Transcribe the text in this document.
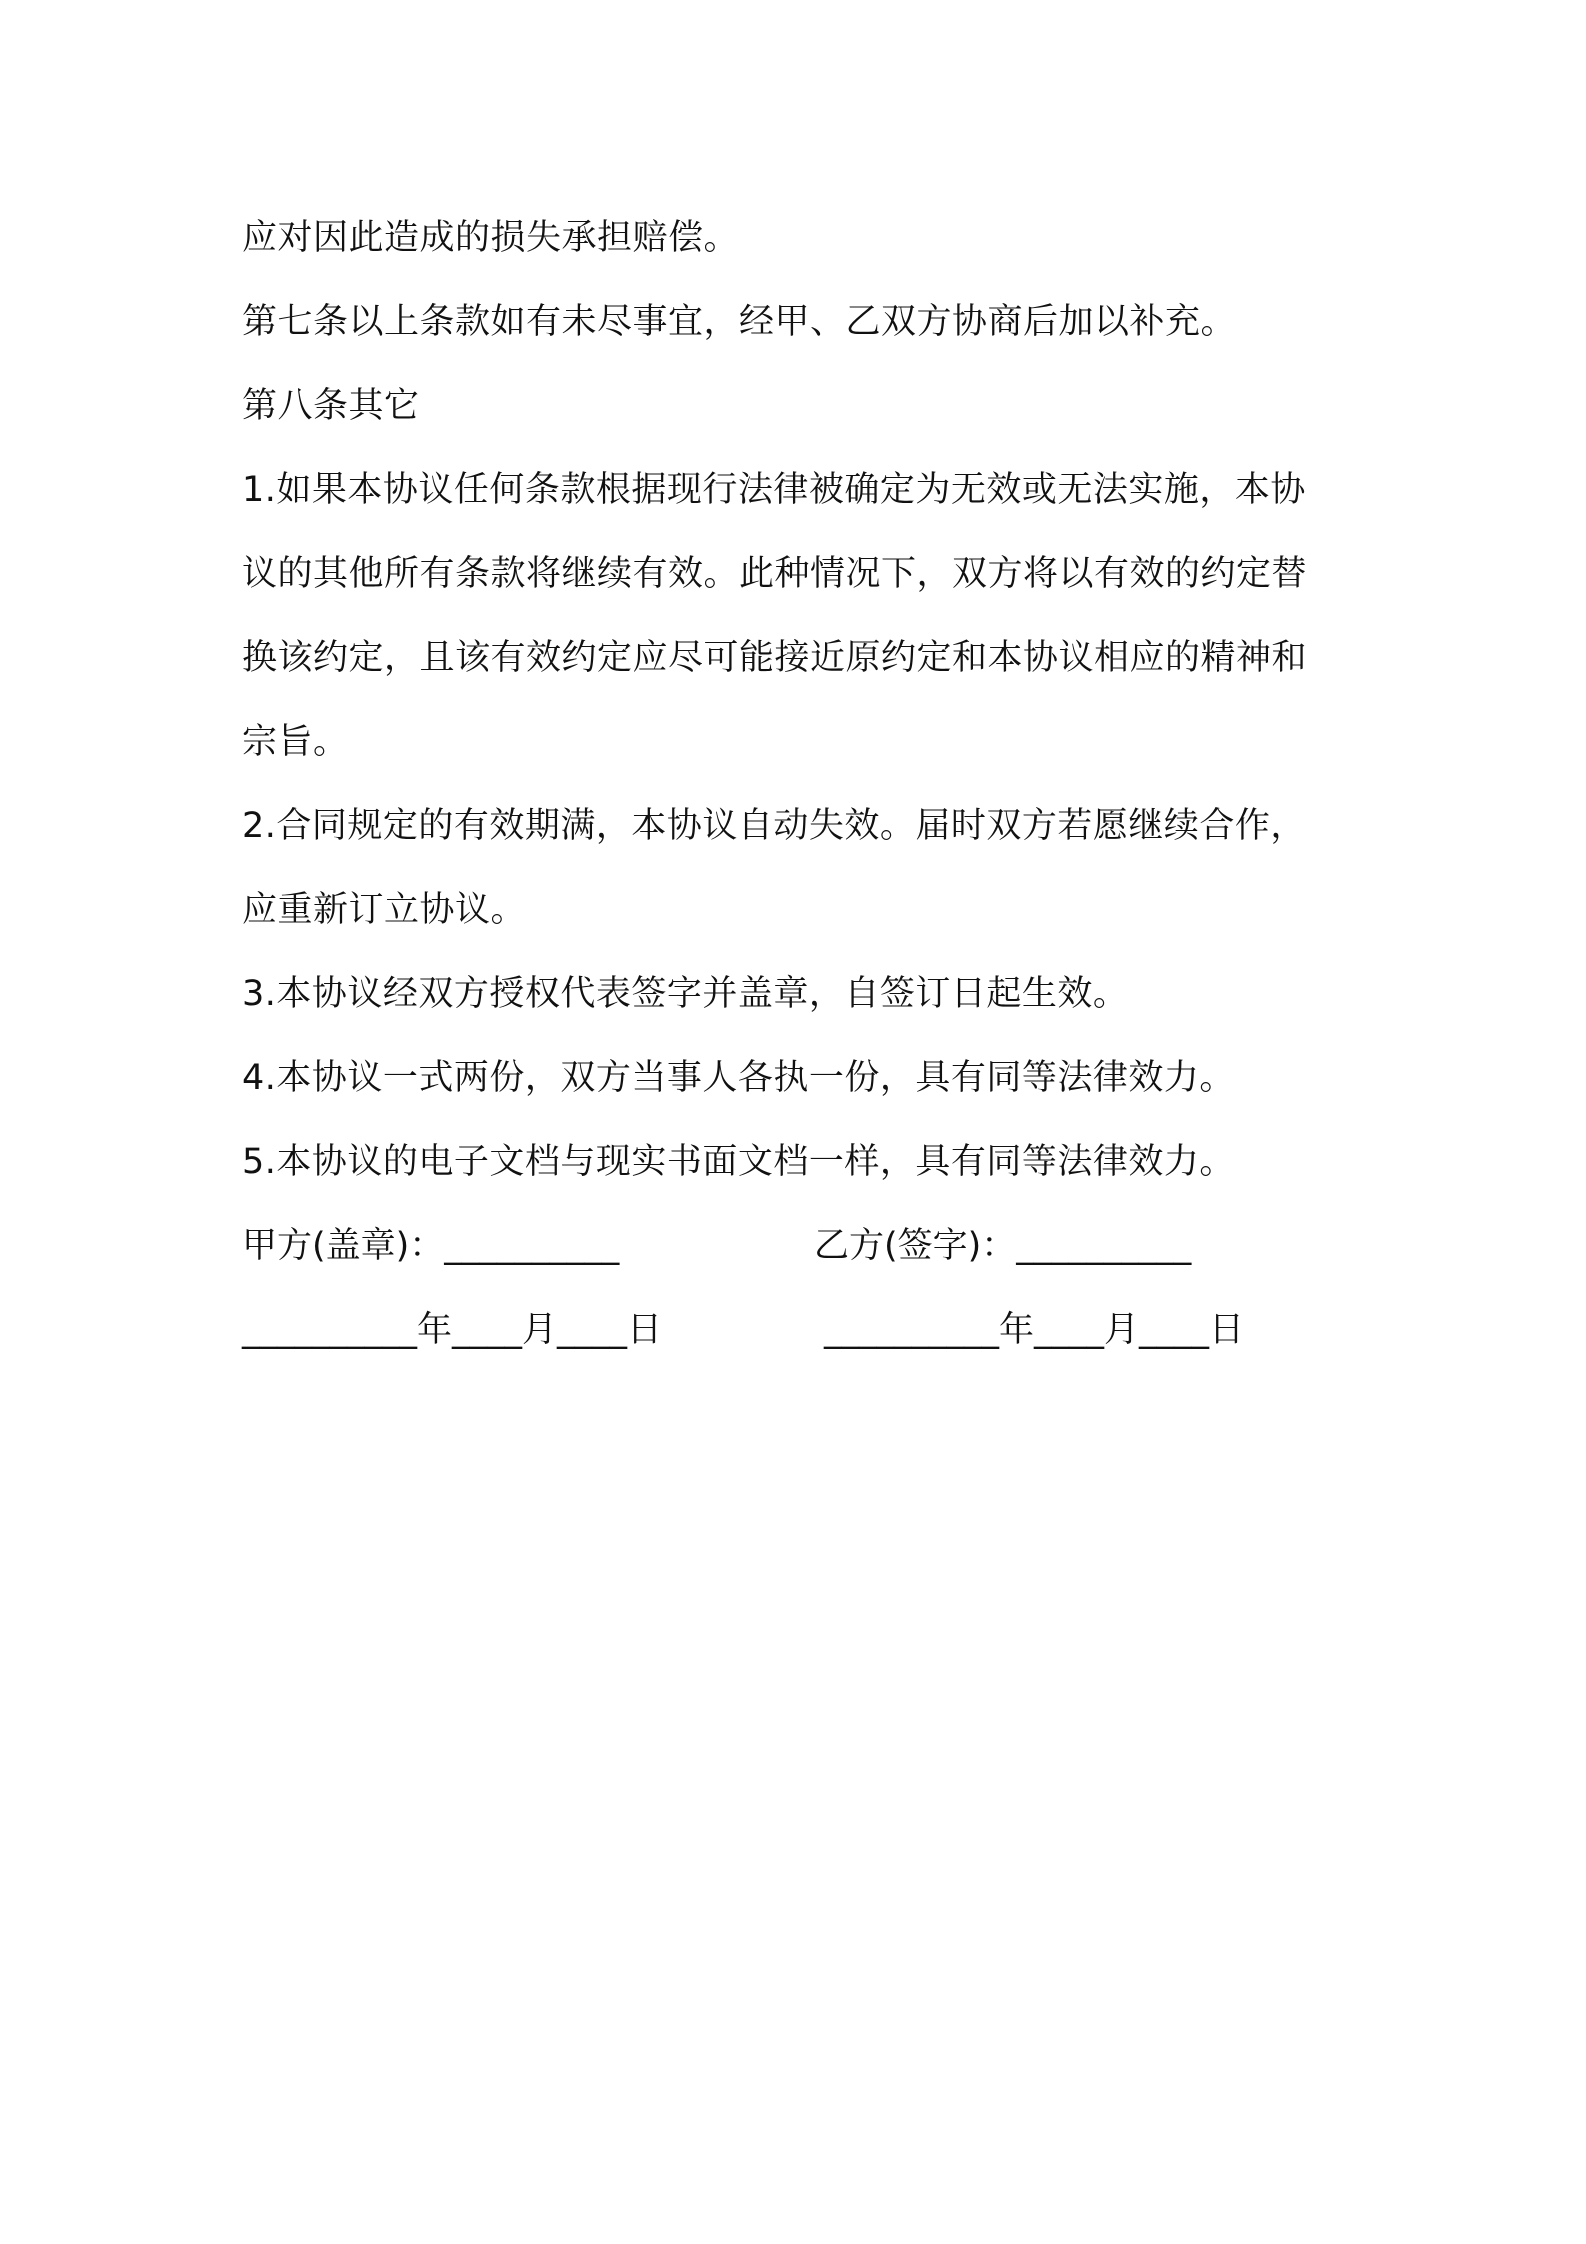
应对因此造成的损失承担赔偿。
第七条以上条款如有未尽事宜，经甲、乙双方协商后加以补充。
第八条其它
1.如果本协议任何条款根据现行法律被确定为无效或无法实施，本协
议的其他所有条款将继续有效。此种情况下，双方将以有效的约定替
换该约定，且该有效约定应尽可能接近原约定和本协议相应的精神和
宗旨。
2.合同规定的有效期满，本协议自动失效。届时双方若愿继续合作，
应重新订立协议。
3.本协议经双方授权代表签字并盖章，自签订日起生效。
4.本协议一式两份，双方当事人各执一份，具有同等法律效力。
5.本协议的电子文档与现实书面文档一样，具有同等法律效力。
甲方(盖章)：__________	乙方(签字)：__________
__________年____月____日	__________年____月____日
